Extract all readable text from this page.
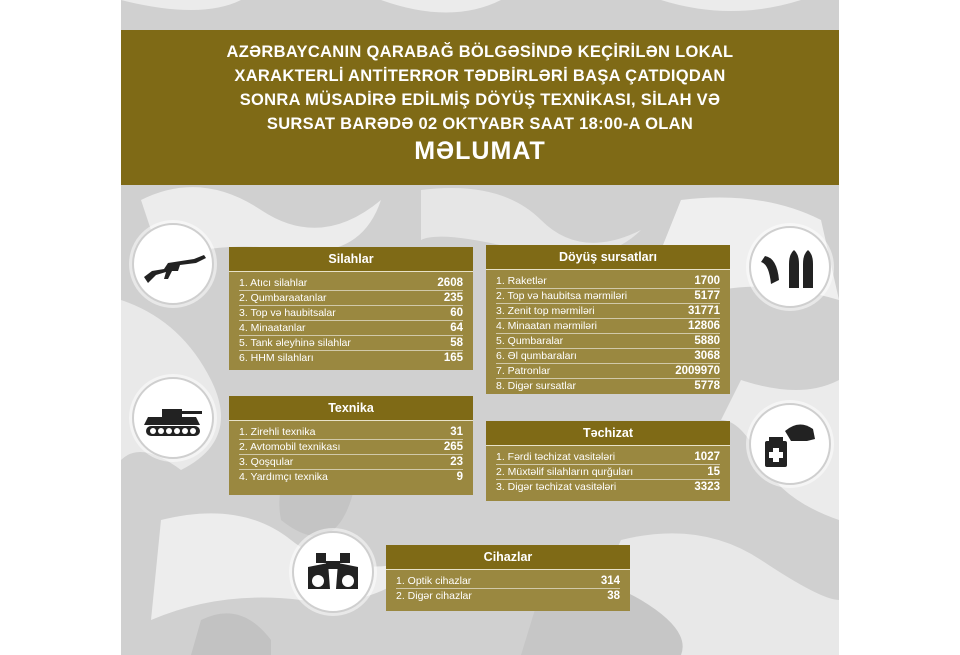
AZƏRBAYCANIN QARABAĞ BÖLGƏSİNDƏ KEÇİRİLƏN LOKAL
XARAKTERLİ ANTİTERROR TƏDBİRLƏRİ BAŞA ÇATDIQDAN
SONRA MÜSADİRƏ EDİLMİŞ DÖYÜŞ TEXNİKASI, SİLAH VƏ
SURSAT BARƏDƏ 02 OKTYABR SAAT 18:00-A OLAN
MƏLUMAT
Silahlar
1. Atıcı silahlar	2608
2. Qumbaraatanlar	235
3. Top və haubitsalar	60
4. Minaatanlar	64
5. Tank əleyhinə silahlar	58
6. HHM silahları	165
Döyüş sursatları
1. Raketlər	1700
2. Top və haubitsa mərmiləri	5177
3. Zenit top mərmiləri	31771
4. Minaatan mərmiləri	12806
5. Qumbaralar	5880
6. Əl qumbaraları	3068
7. Patronlar	2009970
8. Digər sursatlar	5778
Texnika
1. Zirehli texnika	31
2. Avtomobil texnikası	265
3. Qoşqular	23
4. Yardımçı texnika	9
Təchizat
1. Fərdi təchizat vasitələri	1027
2. Müxtəlif silahların qurğuları	15
3. Digər təchizat vasitələri	3323
Cihazlar
1. Optik cihazlar	314
2. Digər cihazlar	38
